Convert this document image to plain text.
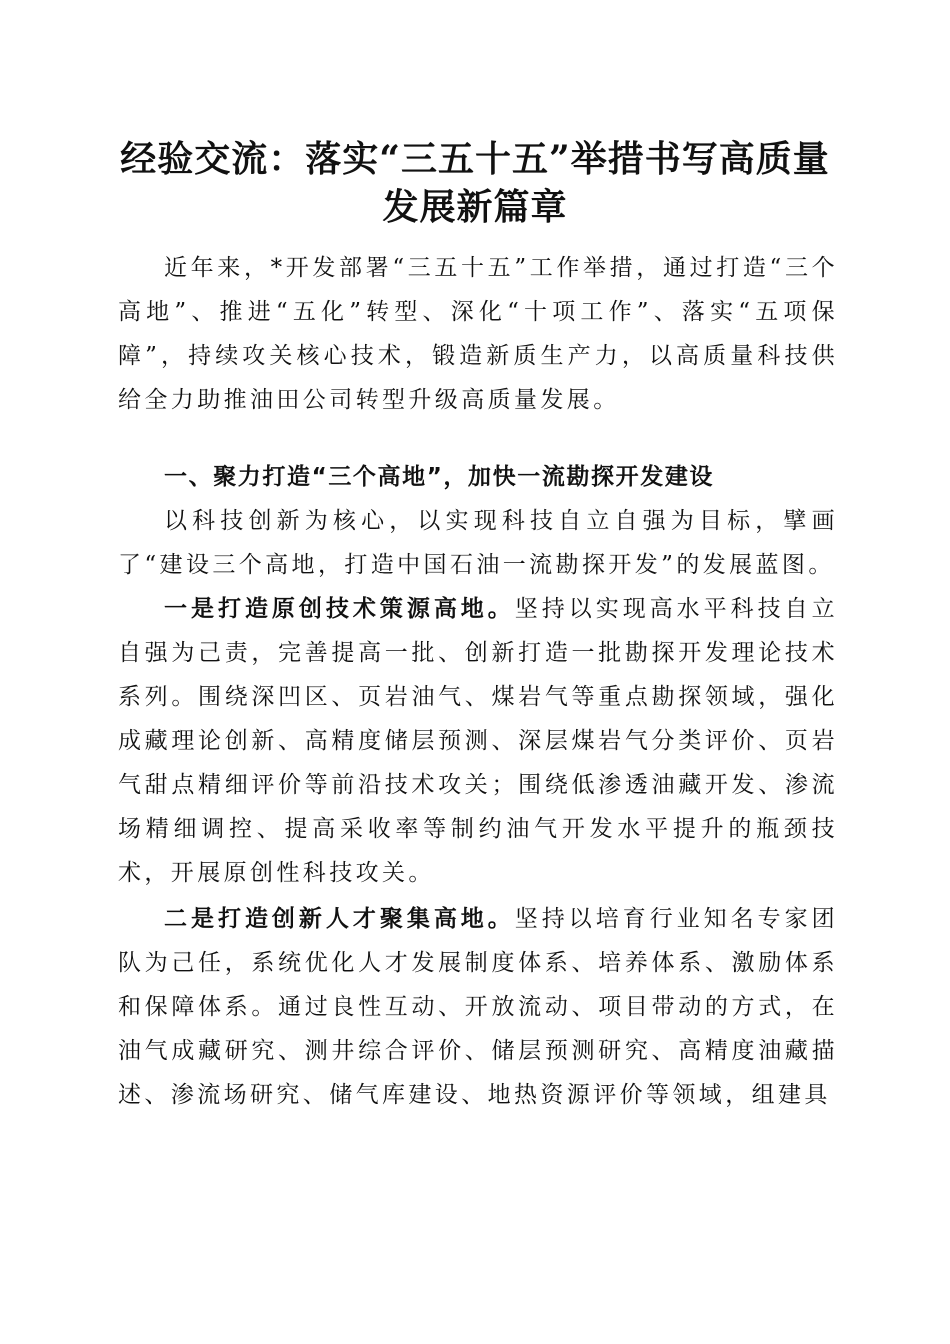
经验交流：落实“三五十五”举措书写高质量
发展新篇章

近年来，*开发部署“三五十五”工作举措，通过打造“三个高地”、推进“五化”转型、深化“十项工作”、落实“五项保障”，持续攻关核心技术，锻造新质生产力，以高质量科技供给全力助推油田公司转型升级高质量发展。

一、聚力打造“三个高地”，加快一流勘探开发建设

以科技创新为核心，以实现科技自立自强为目标，擘画了“建设三个高地，打造中国石油一流勘探开发”的发展蓝图。

一是打造原创技术策源高地。坚持以实现高水平科技自立自强为己责，完善提高一批、创新打造一批勘探开发理论技术系列。围绕深凹区、页岩油气、煤岩气等重点勘探领域，强化成藏理论创新、高精度储层预测、深层煤岩气分类评价、页岩气甜点精细评价等前沿技术攻关；围绕低渗透油藏开发、渗流场精细调控、提高采收率等制约油气开发水平提升的瓶颈技术，开展原创性科技攻关。

二是打造创新人才聚集高地。坚持以培育行业知名专家团队为己任，系统优化人才发展制度体系、培养体系、激励体系和保障体系。通过良性互动、开放流动、项目带动的方式，在油气成藏研究、测井综合评价、储层预测研究、高精度油藏描述、渗流场研究、储气库建设、地热资源评价等领域，组建具
